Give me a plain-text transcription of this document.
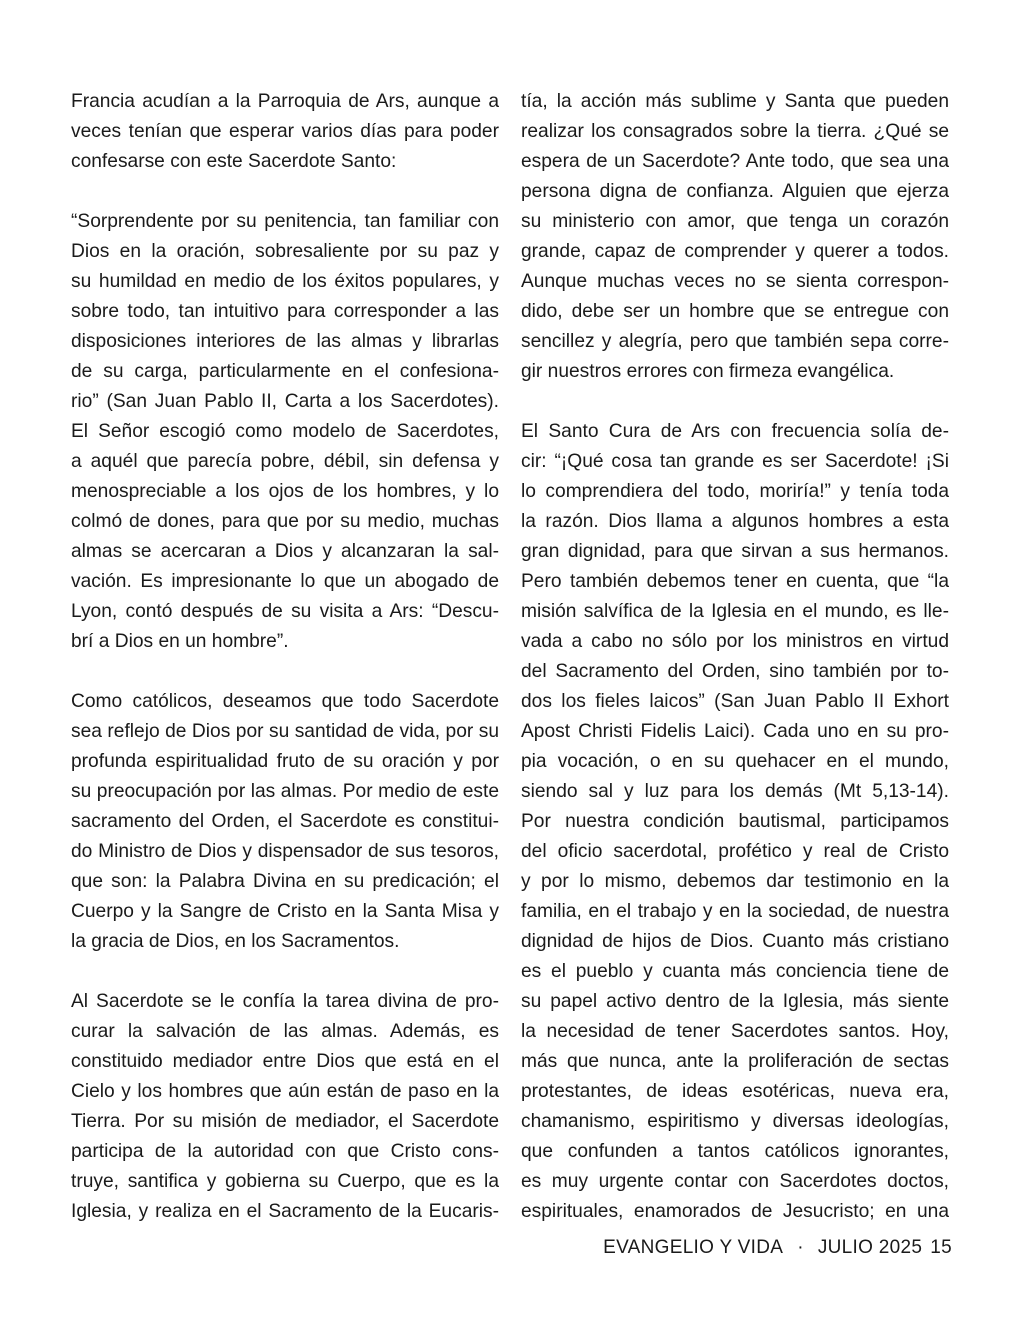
Francia acudían a la Parroquia de Ars, aunque a
veces tenían que esperar varios días para poder
confesarse con este Sacerdote Santo:
“Sorprendente por su penitencia, tan familiar con
Dios en la oración, sobresaliente por su paz y
su humildad en medio de los éxitos populares, y
sobre todo, tan intuitivo para corresponder a las
disposiciones interiores de las almas y librarlas
de su carga, particularmente en el confesiona-
rio” (San Juan Pablo II, Carta a los Sacerdotes).
El Señor escogió como modelo de Sacerdotes,
a aquél que parecía pobre, débil, sin defensa y
menospreciable a los ojos de los hombres, y lo
colmó de dones, para que por su medio, muchas
almas se acercaran a Dios y alcanzaran la sal-
vación. Es impresionante lo que un abogado de
Lyon, contó después de su visita a Ars: “Descu-
brí a Dios en un hombre”.
Como católicos, deseamos que todo Sacerdote
sea reflejo de Dios por su santidad de vida, por su
profunda espiritualidad fruto de su oración y por
su preocupación por las almas. Por medio de este
sacramento del Orden, el Sacerdote es constitui-
do Ministro de Dios y dispensador de sus tesoros,
que son: la Palabra Divina en su predicación; el
Cuerpo y la Sangre de Cristo en la Santa Misa y
la gracia de Dios, en los Sacramentos.
Al Sacerdote se le confía la tarea divina de pro-
curar la salvación de las almas. Además, es
constituido mediador entre Dios que está en el
Cielo y los hombres que aún están de paso en la
Tierra. Por su misión de mediador, el Sacerdote
participa de la autoridad con que Cristo cons-
truye, santifica y gobierna su Cuerpo, que es la
Iglesia, y realiza en el Sacramento de la Eucaris-
tía, la acción más sublime y Santa que pueden
realizar los consagrados sobre la tierra. ¿Qué se
espera de un Sacerdote? Ante todo, que sea una
persona digna de confianza. Alguien que ejerza
su ministerio con amor, que tenga un corazón
grande, capaz de comprender y querer a todos.
Aunque muchas veces no se sienta correspon-
dido, debe ser un hombre que se entregue con
sencillez y alegría, pero que también sepa corre-
gir nuestros errores con firmeza evangélica.
El Santo Cura de Ars con frecuencia solía de-
cir: “¡Qué cosa tan grande es ser Sacerdote! ¡Si
lo comprendiera del todo, moriría!” y tenía toda
la razón. Dios llama a algunos hombres a esta
gran dignidad, para que sirvan a sus hermanos.
Pero también debemos tener en cuenta, que “la
misión salvífica de la Iglesia en el mundo, es lle-
vada a cabo no sólo por los ministros en virtud
del Sacramento del Orden, sino también por to-
dos los fieles laicos” (San Juan Pablo II Exhort
Apost Christi Fidelis Laici). Cada uno en su pro-
pia vocación, o en su quehacer en el mundo,
siendo sal y luz para los demás (Mt 5,13-14).
Por nuestra condición bautismal, participamos
del oficio sacerdotal, profético y real de Cristo
y por lo mismo, debemos dar testimonio en la
familia, en el trabajo y en la sociedad, de nuestra
dignidad de hijos de Dios. Cuanto más cristiano
es el pueblo y cuanta más conciencia tiene de
su papel activo dentro de la Iglesia, más siente
la necesidad de tener Sacerdotes santos. Hoy,
más que nunca, ante la proliferación de sectas
protestantes, de ideas esotéricas, nueva era,
chamanismo, espiritismo y diversas ideologías,
que confunden a tantos católicos ignorantes,
es muy urgente contar con Sacerdotes doctos,
espirituales, enamorados de Jesucristo; en una
EVANGELIO Y VIDA · JULIO 2025 15
